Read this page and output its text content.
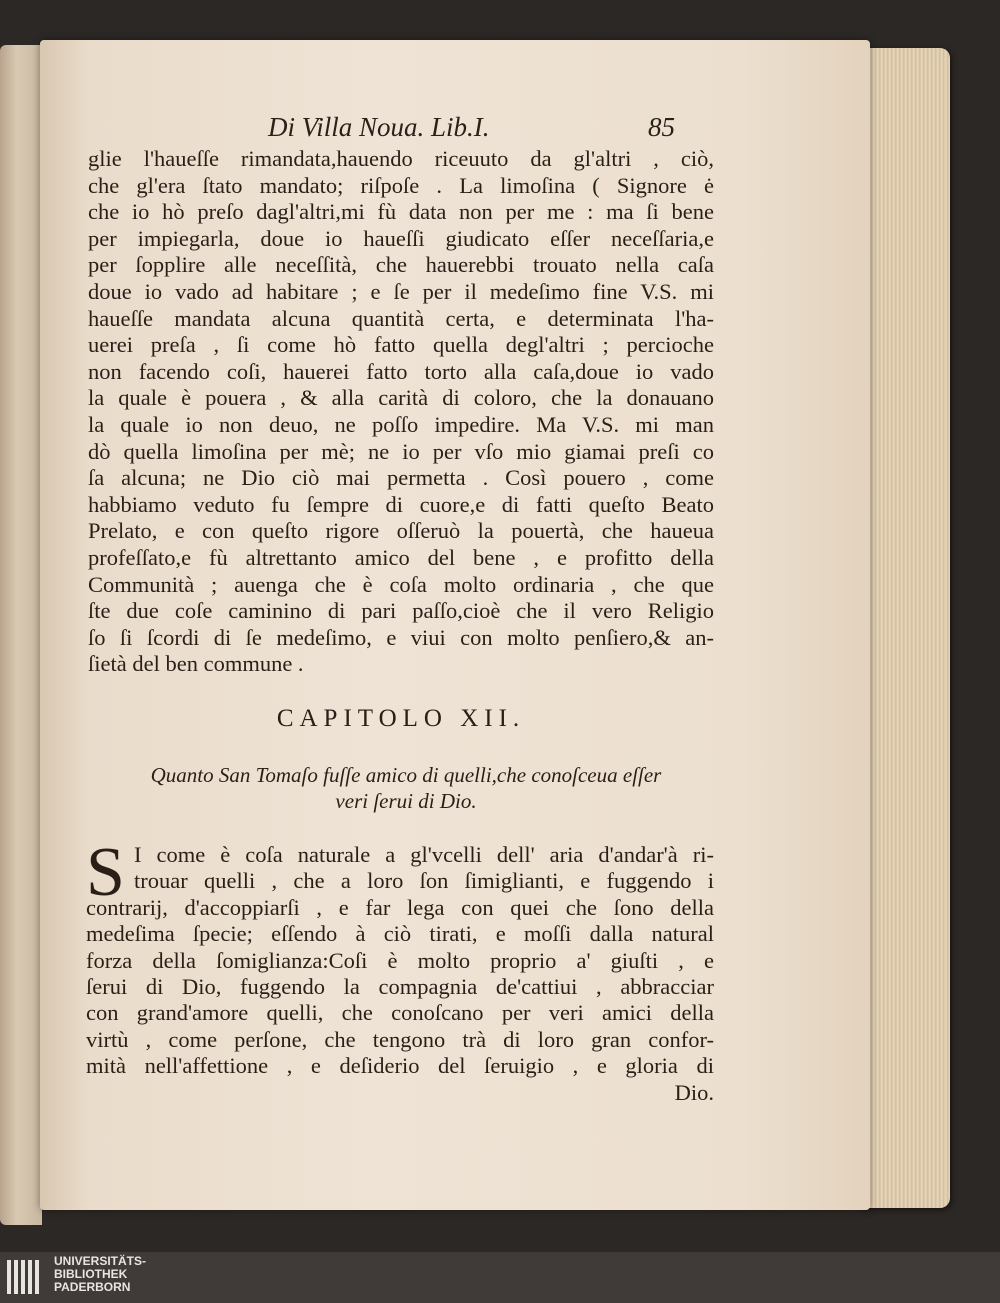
Di Villa Noua. Lib.I.	85
glie l'haueſſe rimandata,hauendo riceuuto da gl'altri , ciò,
che gl'era ſtato mandato; riſpoſe . La limoſina ( Signore ė
che io hò preſo dagl'altri,mi fù data non per me : ma ſi bene
per impiegarla, doue io haueſſi giudicato eſſer neceſſaria,e
per ſopplire alle neceſſità, che hauerebbi trouato nella caſa
doue io vado ad habitare ; e ſe per il medeſimo fine V.S. mi
haueſſe mandata alcuna quantità certa, e determinata l'ha-
uerei preſa , ſi come hò fatto quella degl'altri ; percioche
non facendo coſi, hauerei fatto torto alla caſa,doue io vado
la quale è pouera , & alla carità di coloro, che la donauano
la quale io non deuo, ne poſſo impedire. Ma V.S. mi man
dò quella limoſina per mè; ne io per vſo mio giamai preſi co
ſa alcuna; ne Dio ciò mai permetta . Così pouero , come
habbiamo veduto fu ſempre di cuore,e di fatti queſto Beato
Prelato, e con queſto rigore oſſeruò la pouertà, che haueua
profeſſato,e fù altrettanto amico del bene , e profitto della
Communità ; auenga che è coſa molto ordinaria , che que
ſte due coſe caminino di pari paſſo,cioè che il vero Religio
ſo ſi ſcordi di ſe medeſimo, e viui con molto penſiero,& an-
ſietà del ben commune .
CAPITOLO XII.
Quanto San Tomaſo fuſſe amico di quelli,che conoſceua eſſer
veri ſerui di Dio.
S I come è coſa naturale a gl'vcelli dell' aria d'andar'à ri-
trouar quelli , che a loro ſon ſimiglianti, e fuggendo i
contrarij, d'accoppiarſi , e far lega con quei che ſono della
medeſima ſpecie; eſſendo à ciò tirati, e moſſi dalla natural
forza della ſomiglianza:Coſi è molto proprio a' giuſti , e
ſerui di Dio, fuggendo la compagnia de'cattiui , abbracciar
con grand'amore quelli, che conoſcano per veri amici della
virtù , come perſone, che tengono trà di loro gran confor-
mità nell'affettione , e deſiderio del ſeruigio , e gloria di
Dio.
UNIVERSITÄTS-
BIBLIOTHEK
PADERBORN
